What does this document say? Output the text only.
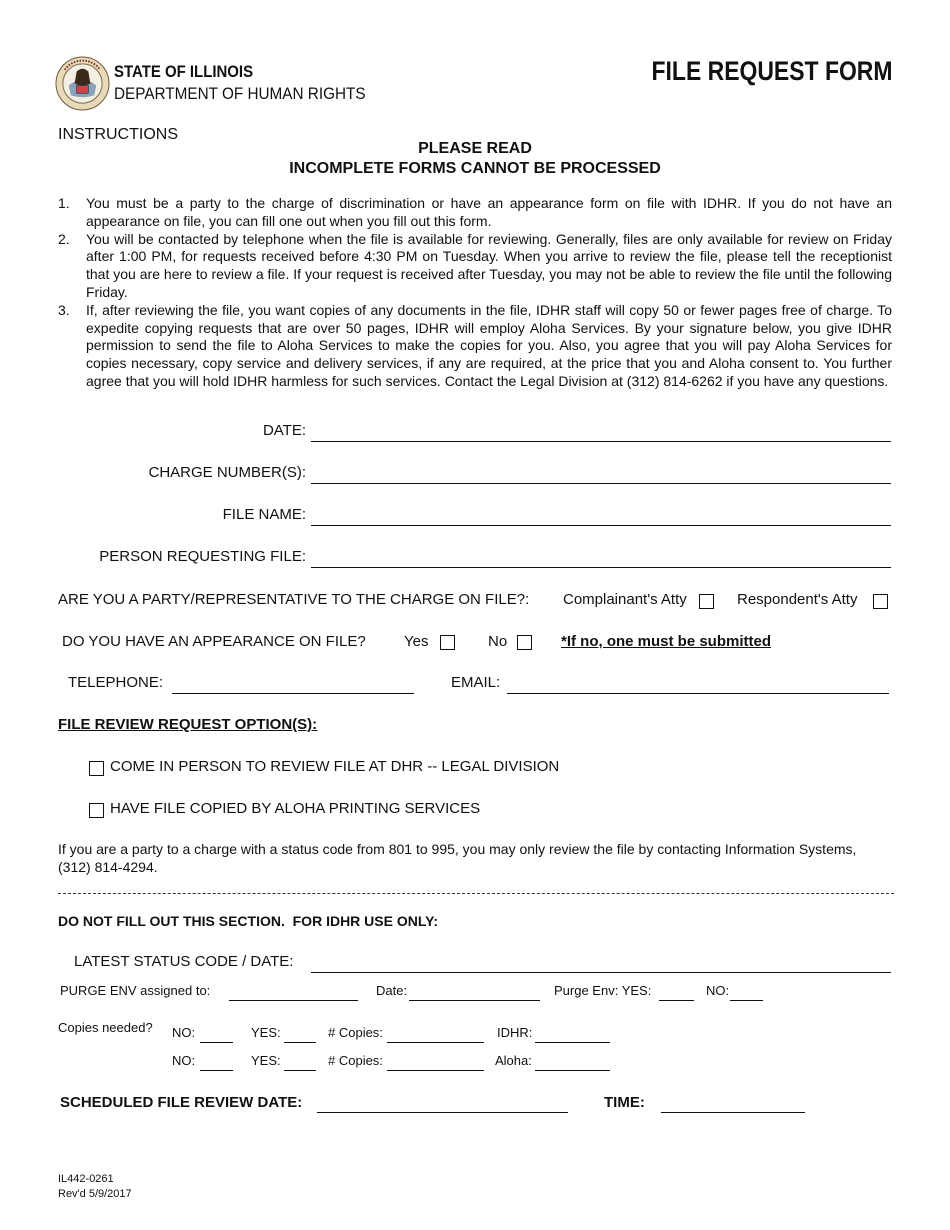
STATE OF ILLINOIS
DEPARTMENT OF HUMAN RIGHTS
FILE REQUEST FORM
INSTRUCTIONS
PLEASE READ
INCOMPLETE FORMS CANNOT BE PROCESSED
1. You must be a party to the charge of discrimination or have an appearance form on file with IDHR. If you do not have an appearance on file, you can fill one out when you fill out this form.
2. You will be contacted by telephone when the file is available for reviewing. Generally, files are only available for review on Friday after 1:00 PM, for requests received before 4:30 PM on Tuesday. When you arrive to review the file, please tell the receptionist that you are here to review a file. If your request is received after Tuesday, you may not be able to review the file until the following Friday.
3. If, after reviewing the file, you want copies of any documents in the file, IDHR staff will copy 50 or fewer pages free of charge. To expedite copying requests that are over 50 pages, IDHR will employ Aloha Services. By your signature below, you give IDHR permission to send the file to Aloha Services to make the copies for you. Also, you agree that you will pay Aloha Services for copies necessary, copy service and delivery services, if any are required, at the price that you and Aloha consent to. You further agree that you will hold IDHR harmless for such services. Contact the Legal Division at (312) 814-6262 if you have any questions.
DATE:
CHARGE NUMBER(S):
FILE NAME:
PERSON REQUESTING FILE:
ARE YOU A PARTY/REPRESENTATIVE TO THE CHARGE ON FILE?: Complainant's Atty	Respondent's Atty
DO YOU HAVE AN APPEARANCE ON FILE?	Yes	No	*If no, one must be submitted
TELEPHONE:	EMAIL:
FILE REVIEW REQUEST OPTION(S):
COME IN PERSON TO REVIEW FILE AT DHR -- LEGAL DIVISION
HAVE FILE COPIED BY ALOHA PRINTING SERVICES
If you are a party to a charge with a status code from 801 to 995, you may only review the file by contacting Information Systems, (312) 814-4294.
DO NOT FILL OUT THIS SECTION.  FOR IDHR USE ONLY:
LATEST STATUS CODE / DATE:
PURGE ENV assigned to:	Date:	Purge Env: YES:	NO:
Copies needed? NO:	YES:	# Copies:	IDHR:
NO:	YES:	# Copies:	Aloha:
SCHEDULED FILE REVIEW DATE:	TIME:
IL442-0261
Rev'd 5/9/2017
